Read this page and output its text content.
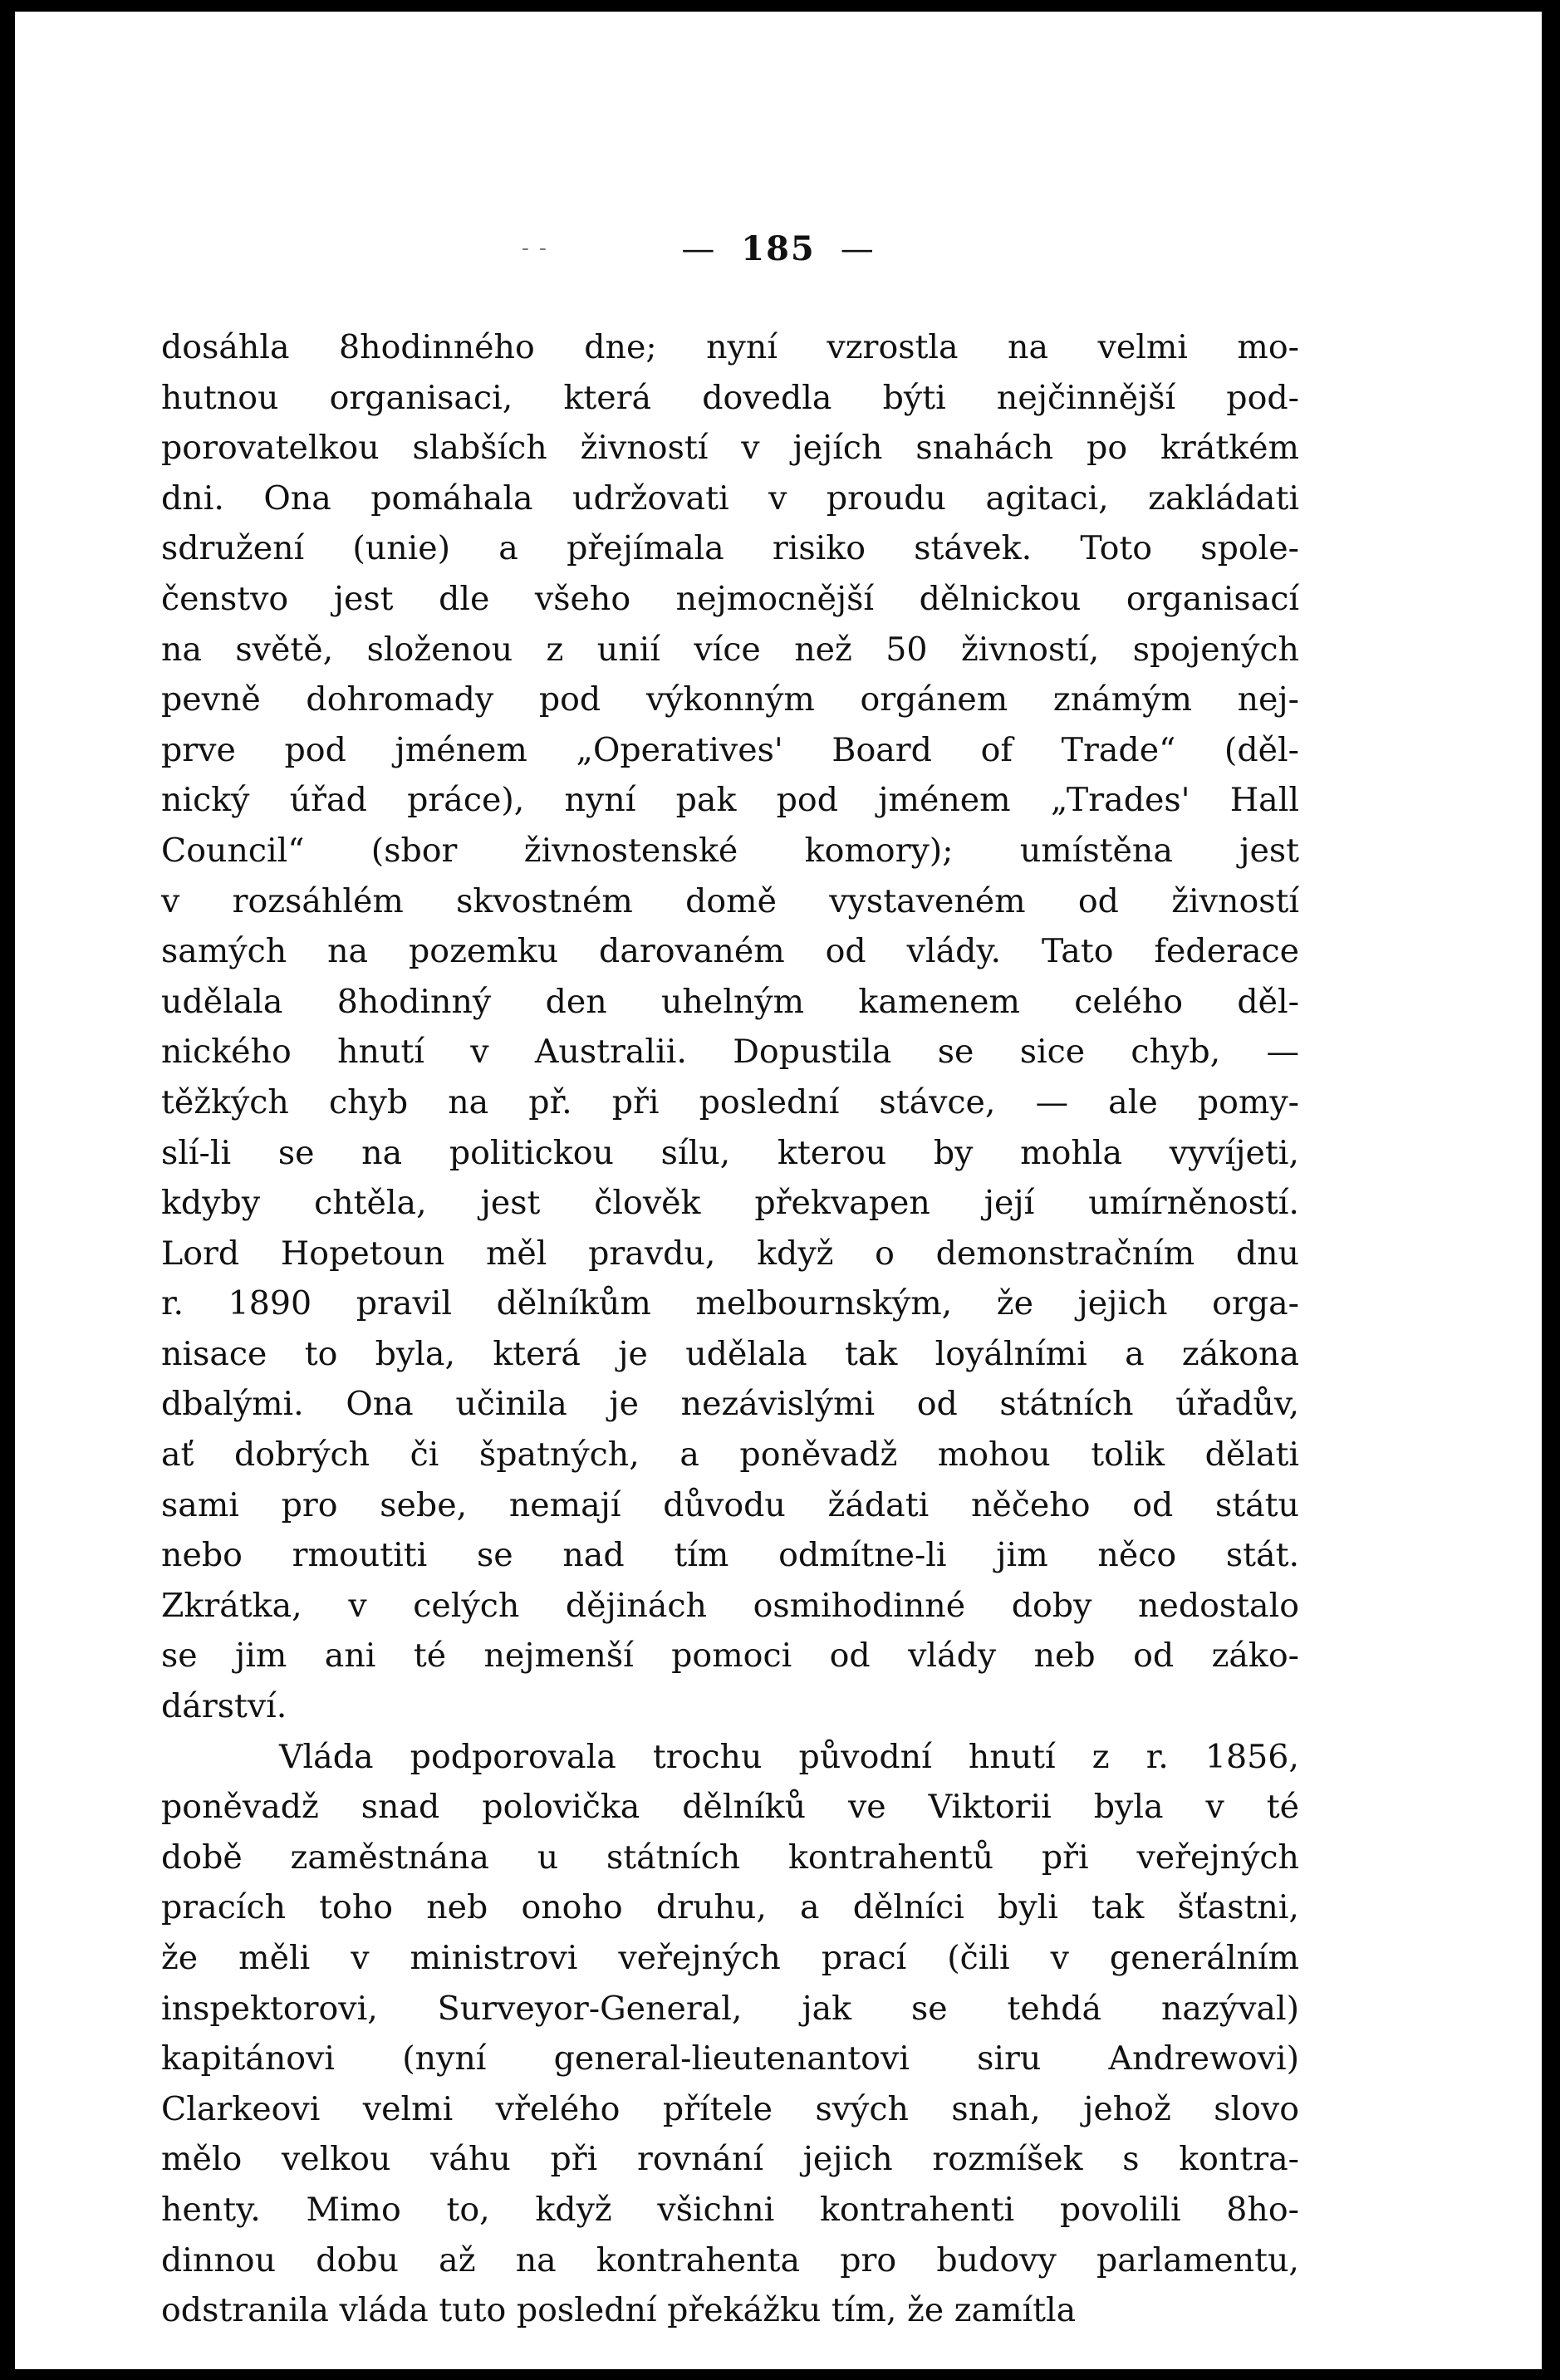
- -	— 185 —
dosáhla 8hodinného dne; nyní vzrostla na velmi mo-
hutnou organisaci, která dovedla býti nejčinnější pod-
porovatelkou slabších živností v jejích snahách po krátkém
dni. Ona pomáhala udržovati v proudu agitaci, zakládati
sdružení (unie) a přejímala risiko stávek. Toto spole-
čenstvo jest dle všeho nejmocnější dělnickou organisací
na světě, složenou z unií více než 50 živností, spojených
pevně dohromady pod výkonným orgánem známým nej-
prve pod jménem „Operatives' Board of Trade“ (děl-
nický úřad práce), nyní pak pod jménem „Trades' Hall
Council“ (sbor živnostenské komory); umístěna jest
v rozsáhlém skvostném domě vystaveném od živností
samých na pozemku darovaném od vlády. Tato federace
udělala 8hodinný den uhelným kamenem celého děl-
nického hnutí v Australii. Dopustila se sice chyb, —
těžkých chyb na př. při poslední stávce, — ale pomy-
slí-li se na politickou sílu, kterou by mohla vyvíjeti,
kdyby chtěla, jest člověk překvapen její umírněností.
Lord Hopetoun měl pravdu, když o demonstračním dnu
r. 1890 pravil dělníkům melbournským, že jejich orga-
nisace to byla, která je udělala tak loyálními a zákona
dbalými. Ona učinila je nezávislými od státních úřadův,
ať dobrých či špatných, a poněvadž mohou tolik dělati
sami pro sebe, nemají důvodu žádati něčeho od státu
nebo rmoutiti se nad tím odmítne-li jim něco stát.
Zkrátka, v celých dějinách osmihodinné doby nedostalo
se jim ani té nejmenší pomoci od vlády neb od záko-
dárství.
Vláda podporovala trochu původní hnutí z r. 1856,
poněvadž snad polovička dělníků ve Viktorii byla v té
době zaměstnána u státních kontrahentů při veřejných
pracích toho neb onoho druhu, a dělníci byli tak šťastni,
že měli v ministrovi veřejných prací (čili v generálním
inspektorovi, Surveyor-General, jak se tehdá nazýval)
kapitánovi (nyní general-lieutenantovi siru Andrewovi)
Clarkeovi velmi vřelého přítele svých snah, jehož slovo
mělo velkou váhu při rovnání jejich rozmíšek s kontra-
henty. Mimo to, když všichni kontrahenti povolili 8ho-
dinnou dobu až na kontrahenta pro budovy parlamentu,
odstranila vláda tuto poslední překážku tím, že zamítla
